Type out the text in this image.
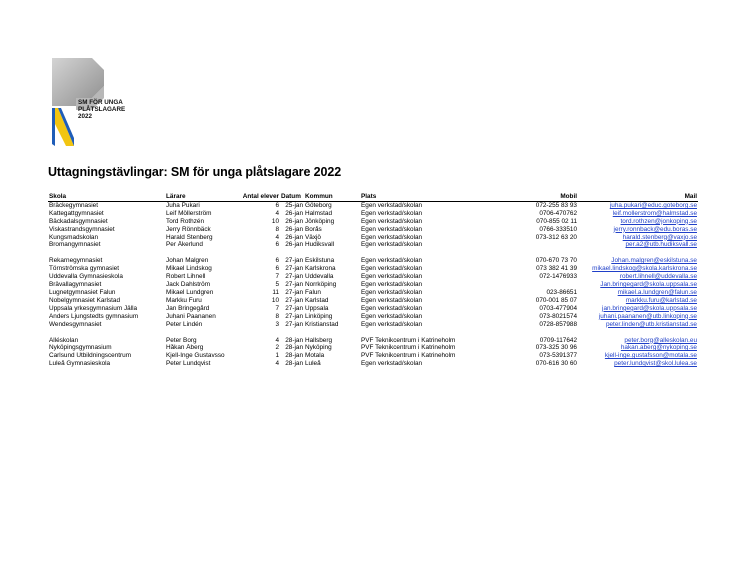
SM FÖR UNGA
PLÅTSLAGARE
2022
Uttagningstävlingar: SM för unga plåtslagare 2022
Skola	Lärare	Antal elever	Datum	Kommun	Plats	Mobil	Mail
Bräckegymnasiet	Juha Pukari	6	25-jan	Göteborg	Egen verkstad/skolan	072-255 83 93	juha.pukari@educ.goteborg.se

Kattegattgymnasiet	Leif Möllerström	4	26-jan	Halmstad	Egen verkstad/skolan	0706-470762	leif.mollerstrom@halmstad.se
Bäckadalsgymnasiet	Tord Rothzén	10	26-jan	Jönköping	Egen verkstad/skolan	070-855 02 11	tord.rothzen@jonkoping.se
Viskastrandsgymnasiet	Jerry Rönnbäck	8	26-jan	Borås	Egen verkstad/skolan	0766-333510	jerry.ronnback@edu.boras.se
Kungsmadskolan	Harald Stenberg	4	26-jan	Växjö	Egen verkstad/skolan	073-312 63 20	harald.stenberg@vaxjo.se
Bromangymnasiet	Per Åkerlund	6	26-jan	Hudiksvall	Egen verkstad/skolan		per.a2@utb.hudiksvall.se

Rekarnegymnasiet	Johan Malgren	6	27-jan	Eskilstuna	Egen verkstad/skolan	070-670 73 70	Johan.malgren@eskilstuna.se
Törnströmska gymnasiet	Mikael Lindskog	6	27-jan	Karlskrona	Egen verkstad/skolan	073 382 41 39	mikael.lindskog@skola.karlskrona.se
Uddevalla Gymnasieskola	Robert Lihnell	7	27-jan	Uddevalla	Egen verkstad/skolan	072-1476933	robert.lihnell@uddevalla.se
Brävallagymnasiet	Jack Dahlström	5	27-jan	Norrköping	Egen verkstad/skolan		Jan.bringegard@skola.uppsala.se
Lugnetgymnasiet Falun	Mikael Lundgren	11	27-jan	Falun	Egen verkstad/skolan	023-86651	mikael.a.lundgren@falun.se
Nobelgymnasiet Karlstad	Markku Furu	10	27-jan	Karlstad	Egen verkstad/skolan	070-001 85 07	markku.furu@karlstad.se
Uppsala yrkesgymnasium Jälla	Jan Bringegård	7	27-jan	Uppsala	Egen verkstad/skolan	0703-477904	jan.bringegard@skola.uppsala.se
Anders Ljungstedts gymnasium	Juhani Paananen	8	27-jan	Linköping	Egen verkstad/skolan	073-8021574	juhani.paananen@utb.linkoping.se
Wendesgymnasiet	Peter Lindén	3	27-jan	Kristianstad	Egen verkstad/skolan	0728-857988	peter.linden@utb.kristianstad.se

Alléskolan	Peter Borg	4	28-jan	Hallsberg	PVF Teknikcentrum i Katrineholm	0709-117642	peter.borg@alleskolan.eu
Nyköpingsgymnasium	Håkan Åberg	2	28-jan	Nyköping	PVF Teknikcentrum i Katrineholm	073-325 30 96	hakan.aberg@nykoping.se
Carlsund Utbildningscentrum	Kjell-Inge Gustavsso	1	28-jan	Motala	PVF Teknikcentrum i Katrineholm	073-5391377	kjell-inge.gustafsson@motala.se
Luleå Gymnasieskola	Peter Lundqvist	4	28-jan	Luleå	Egen verkstad/skolan	070-616 30 60	peter.lundqvist@skol.lulea.se
